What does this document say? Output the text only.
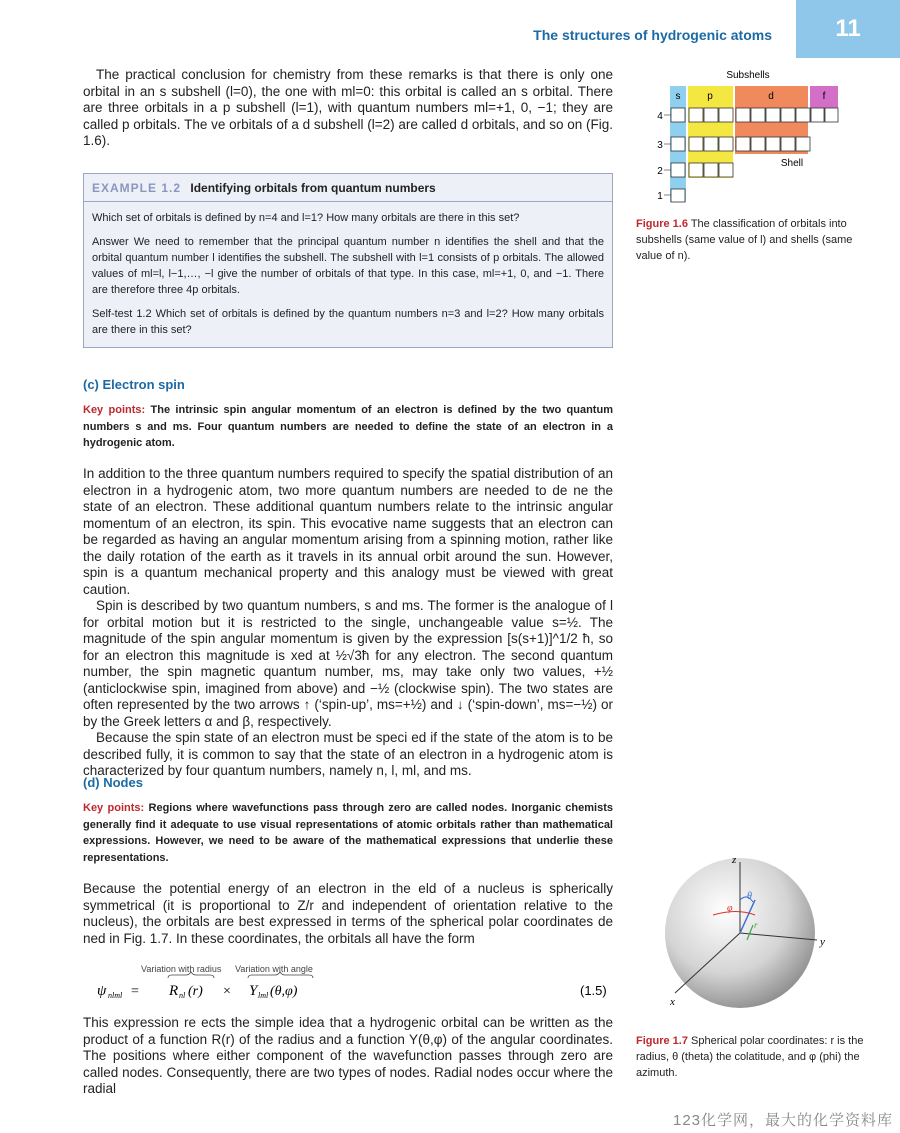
The structures of hydrogenic atoms	11

The practical conclusion for chemistry from these remarks is that there is only one orbital in an s subshell (l=0), the one with ml=0: this orbital is called an s orbital. There are three orbitals in a p subshell (l=1), with quantum numbers ml=+1, 0, −1; they are called p orbitals. The ve orbitals of a d subshell (l=2) are called d orbitals, and so on (Fig. 1.6).

EXAMPLE 1.2 Identifying orbitals from quantum numbers

Which set of orbitals is defined by n=4 and l=1? How many orbitals are there in this set?

Answer We need to remember that the principal quantum number n identifies the shell and that the orbital quantum number l identifies the subshell. The subshell with l=1 consists of p orbitals. The allowed values of ml=l, l−1,…, −l give the number of orbitals of that type. In this case, ml=+1, 0, and −1. There are therefore three 4p orbitals.

Self-test 1.2 Which set of orbitals is defined by the quantum numbers n=3 and l=2? How many orbitals are there in this set?

(c) Electron spin
Key points: The intrinsic spin angular momentum of an electron is defined by the two quantum numbers s and ms. Four quantum numbers are needed to define the state of an electron in a hydrogenic atom.

In addition to the three quantum numbers required to specify the spatial distribution of an electron in a hydrogenic atom, two more quantum numbers are needed to de ne the state of an electron. These additional quantum numbers relate to the intrinsic angular momentum of an electron, its spin. This evocative name suggests that an electron can be regarded as having an angular momentum arising from a spinning motion, rather like the daily rotation of the earth as it travels in its annual orbit around the sun. However, spin is a quantum mechanical property and this analogy must be viewed with great caution.

Spin is described by two quantum numbers, s and ms. The former is the analogue of l for orbital motion but it is restricted to the single, unchangeable value s=½. The magnitude of the spin angular momentum is given by the expression [s(s+1)]^1/2 ħ, so for an electron this magnitude is xed at ½√3ħ for any electron. The second quantum number, the spin magnetic quantum number, ms, may take only two values, +½ (anticlockwise spin, imagined from above) and −½ (clockwise spin). The two states are often represented by the two arrows ↑ (‘spin-up’, ms=+½) and ↓ (‘spin-down’, ms=−½) or by the Greek letters α and β, respectively.

Because the spin state of an electron must be speci ed if the state of the atom is to be described fully, it is common to say that the state of an electron in a hydrogenic atom is characterized by four quantum numbers, namely n, l, ml, and ms.

(d) Nodes
Key points: Regions where wavefunctions pass through zero are called nodes. Inorganic chemists generally find it adequate to use visual representations of atomic orbitals rather than mathematical expressions. However, we need to be aware of the mathematical expressions that underlie these representations.

Because the potential energy of an electron in the eld of a nucleus is spherically symmetrical (it is proportional to Z/r and independent of orientation relative to the nucleus), the orbitals are best expressed in terms of the spherical polar coordinates de ned in Fig. 1.7. In these coordinates, the orbitals all have the form

Variation with radius Variation with angle
ψ nlml = R nl (r) × Y lml (θ,φ)	(1.5)

This expression re ects the simple idea that a hydrogenic orbital can be written as the product of a function R(r) of the radius and a function Y(θ,φ) of the angular coordinates. The positions where either component of the wavefunction passes through zero are called nodes. Consequently, there are two types of nodes. Radial nodes occur where the radial

Subshells
s	p	d	f
4
3
2
1
Shell
Figure 1.6 The classification of orbitals into subshells (same value of l) and shells (same value of n).
z
y
x
θ
φ
r
Figure 1.7 Spherical polar coordinates: r is the radius, θ (theta) the colatitude, and φ (phi) the azimuth.
123化学网，最大的化学资料库
